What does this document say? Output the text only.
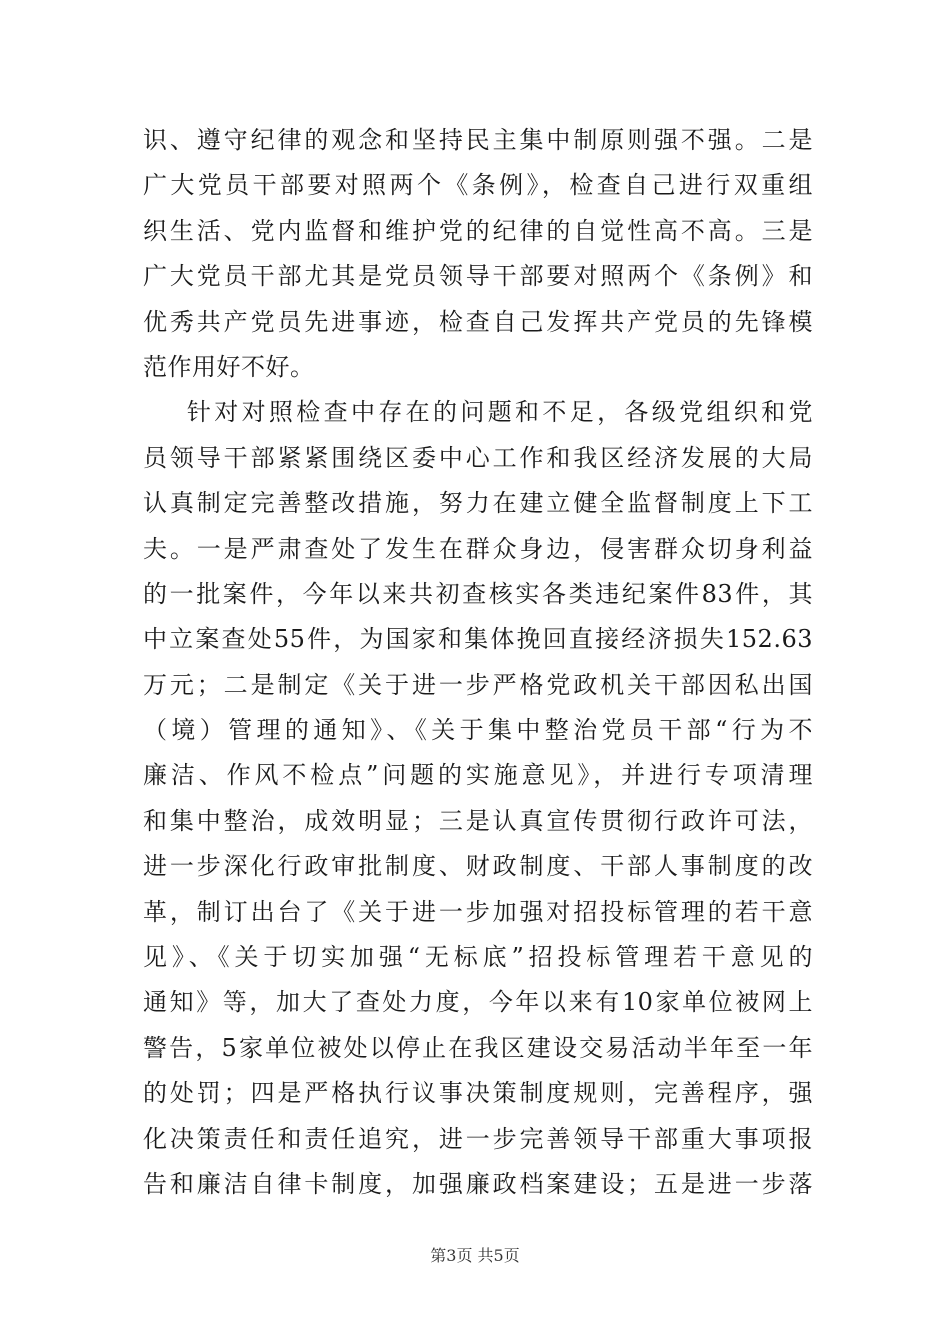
识、遵守纪律的观念和坚持民主集中制原则强不强。二是
广大党员干部要对照两个《条例》，检查自己进行双重组
织生活、党内监督和维护党的纪律的自觉性高不高。三是
广大党员干部尤其是党员领导干部要对照两个《条例》和
优秀共产党员先进事迹，检查自己发挥共产党员的先锋模
范作用好不好。
针对对照检查中存在的问题和不足，各级党组织和党
员领导干部紧紧围绕区委中心工作和我区经济发展的大局
认真制定完善整改措施，努力在建立健全监督制度上下工
夫。一是严肃查处了发生在群众身边，侵害群众切身利益
的一批案件，今年以来共初查核实各类违纪案件83件，其
中立案查处55件，为国家和集体挽回直接经济损失152.63
万元；二是制定《关于进一步严格党政机关干部因私出国
（境）管理的通知》、《关于集中整治党员干部“行为不
廉洁、作风不检点”问题的实施意见》，并进行专项清理
和集中整治，成效明显；三是认真宣传贯彻行政许可法，
进一步深化行政审批制度、财政制度、干部人事制度的改
革，制订出台了《关于进一步加强对招投标管理的若干意
见》、《关于切实加强“无标底”招投标管理若干意见的
通知》等，加大了查处力度，今年以来有10家单位被网上
警告，5家单位被处以停止在我区建设交易活动半年至一年
的处罚；四是严格执行议事决策制度规则，完善程序，强
化决策责任和责任追究，进一步完善领导干部重大事项报
告和廉洁自律卡制度，加强廉政档案建设；五是进一步落
第3页 共5页
